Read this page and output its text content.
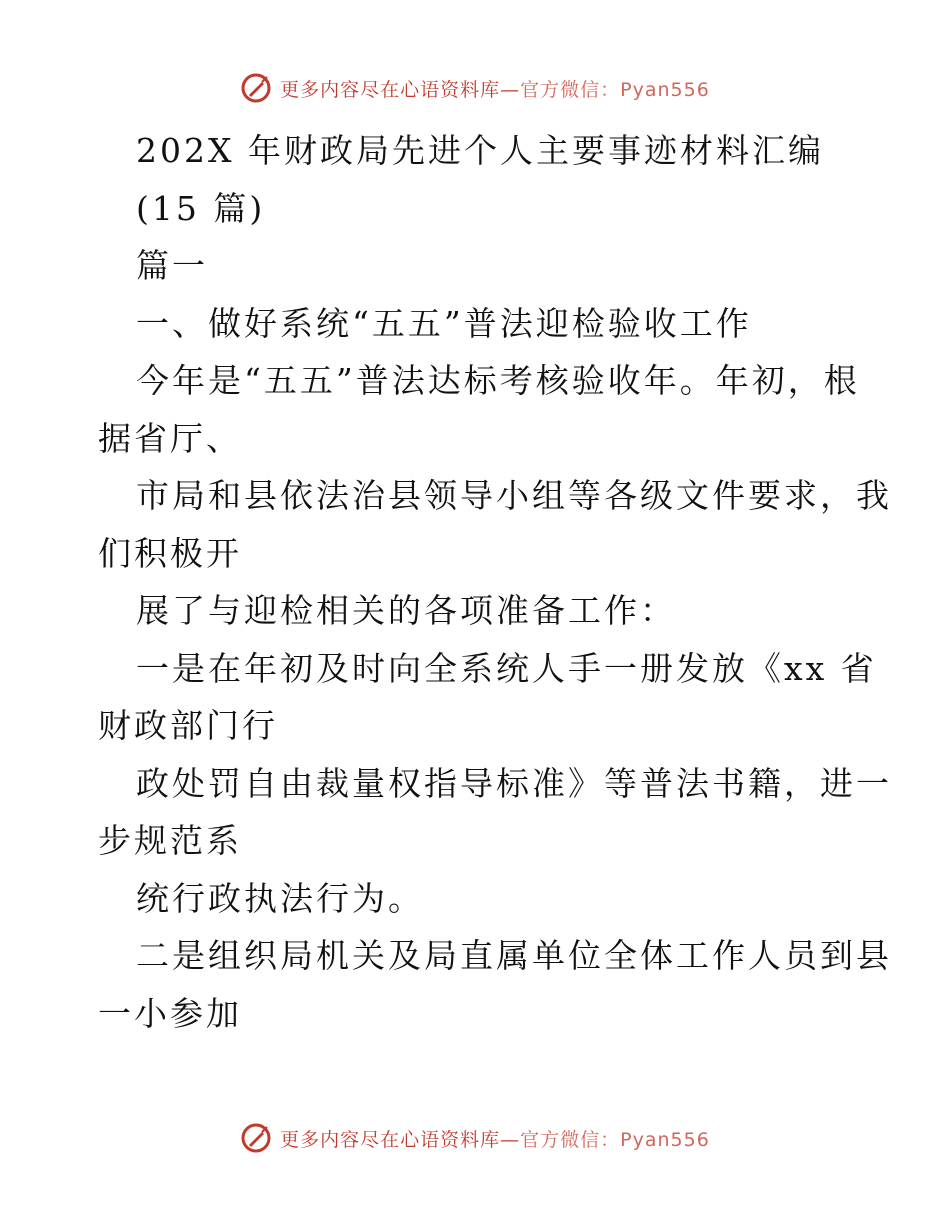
更多内容尽在心语资料库—官方微信：Pyan556
202X 年财政局先进个人主要事迹材料汇编
(15 篇)
篇一
一、做好系统“五五”普法迎检验收工作
今年是“五五”普法达标考核验收年。年初，根
据省厅、
市局和县依法治县领导小组等各级文件要求，我
们积极开
展了与迎检相关的各项准备工作：
一是在年初及时向全系统人手一册发放《xx 省
财政部门行
政处罚自由裁量权指导标准》等普法书籍，进一
步规范系
统行政执法行为。
二是组织局机关及局直属单位全体工作人员到县
一小参加
更多内容尽在心语资料库—官方微信：Pyan556
